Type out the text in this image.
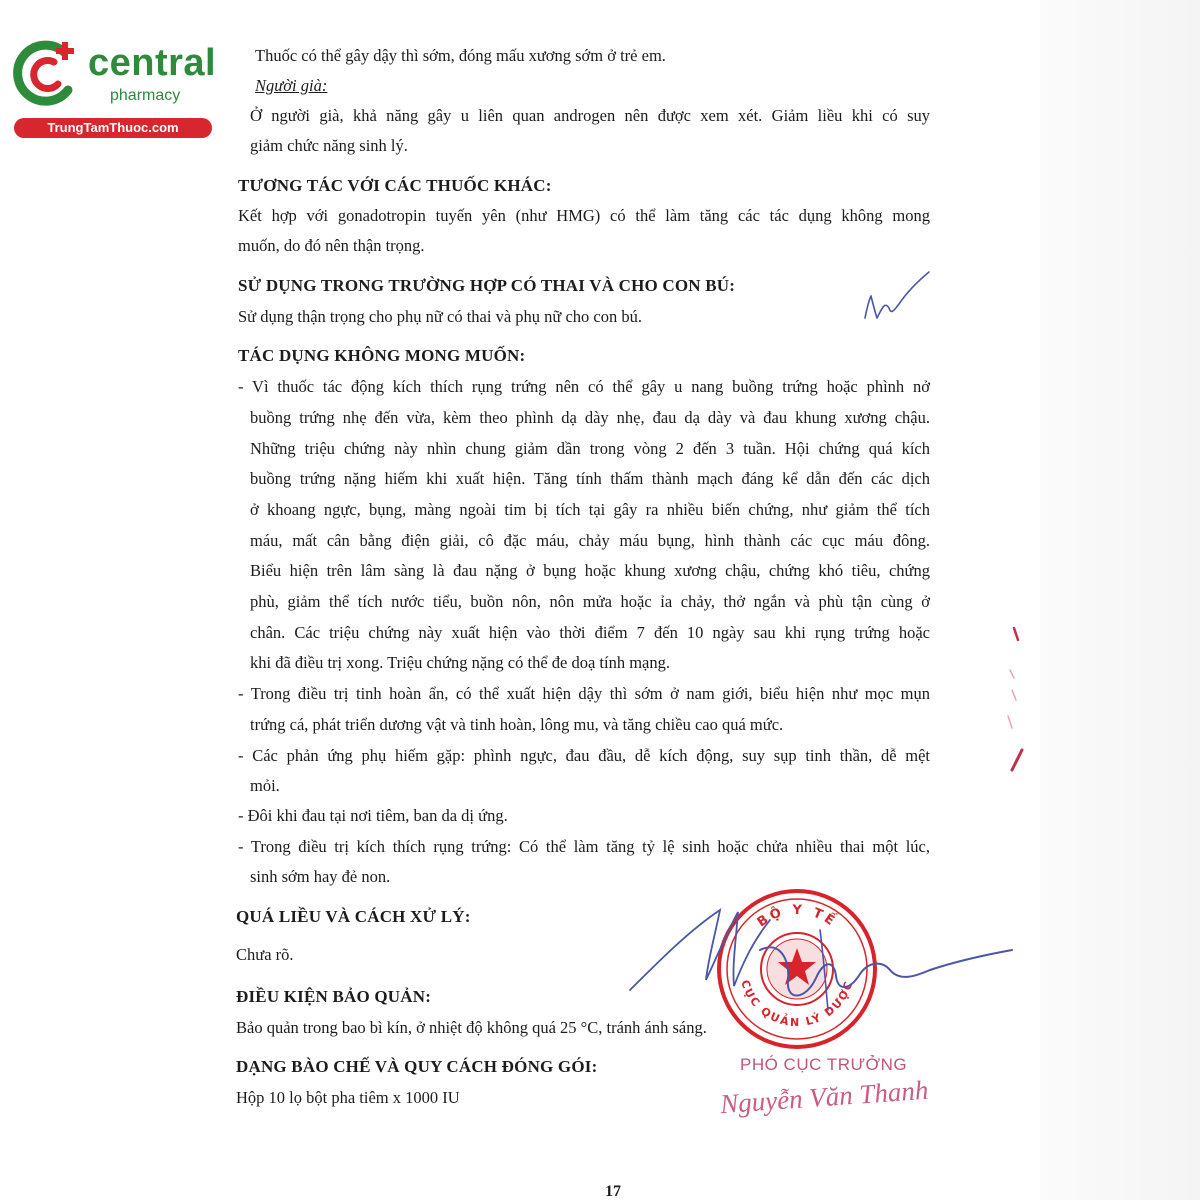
central
pharmacy
TrungTamThuoc.com
Thuốc có thể gây dậy thì sớm, đóng mấu xương sớm ở trẻ em.
Người già:
Ở người già, khả năng gây u liên quan androgen nên được xem xét. Giảm liều khi có suy
giảm chức năng sinh lý.
TƯƠNG TÁC VỚI CÁC THUỐC KHÁC:
Kết hợp với gonadotropin tuyến yên (như HMG) có thể làm tăng các tác dụng không mong
muốn, do đó nên thận trọng.
SỬ DỤNG TRONG TRƯỜNG HỢP CÓ THAI VÀ CHO CON BÚ:
Sử dụng thận trọng cho phụ nữ có thai và phụ nữ cho con bú.
TÁC DỤNG KHÔNG MONG MUỐN:
- Vì thuốc tác động kích thích rụng trứng nên có thể gây u nang buồng trứng hoặc phình nở
buồng trứng nhẹ đến vừa, kèm theo phình dạ dày nhẹ, đau dạ dày và đau khung xương chậu.
Những triệu chứng này nhìn chung giảm dần trong vòng 2 đến 3 tuần. Hội chứng quá kích
buồng trứng nặng hiếm khi xuất hiện. Tăng tính thấm thành mạch đáng kể dẫn đến các dịch
ở khoang ngực, bụng, màng ngoài tim bị tích tại gây ra nhiều biến chứng, như giảm thể tích
máu, mất cân bằng điện giải, cô đặc máu, chảy máu bụng, hình thành các cục máu đông.
Biểu hiện trên lâm sàng là đau nặng ở bụng hoặc khung xương chậu, chứng khó tiêu, chứng
phù, giảm thể tích nước tiểu, buồn nôn, nôn mửa hoặc ỉa chảy, thở ngắn và phù tận cùng ở
chân. Các triệu chứng này xuất hiện vào thời điểm 7 đến 10 ngày sau khi rụng trứng hoặc
khi đã điều trị xong. Triệu chứng nặng có thể đe doạ tính mạng.
- Trong điều trị tinh hoàn ẩn, có thể xuất hiện dậy thì sớm ở nam giới, biểu hiện như mọc mụn
trứng cá, phát triển dương vật và tinh hoàn, lông mu, và tăng chiều cao quá mức.
- Các phản ứng phụ hiếm gặp: phình ngực, đau đầu, dễ kích động, suy sụp tinh thần, dễ mệt
mỏi.
- Đôi khi đau tại nơi tiêm, ban da dị ứng.
- Trong điều trị kích thích rụng trứng: Có thể làm tăng tỷ lệ sinh hoặc chửa nhiều thai một lúc,
sinh sớm hay đẻ non.
QUÁ LIỀU VÀ CÁCH XỬ LÝ:
Chưa rõ.
ĐIỀU KIỆN BẢO QUẢN:
Bảo quản trong bao bì kín, ở nhiệt độ không quá 25 °C, tránh ánh sáng.
DẠNG BÀO CHẾ VÀ QUY CÁCH ĐÓNG GÓI:
Hộp 10 lọ bột pha tiêm x 1000 IU
17
BỘ Y TẾ
CỤC QUẢN LÝ DƯỢC
PHÓ CỤC TRƯỞNG
Nguyễn Văn Thanh
